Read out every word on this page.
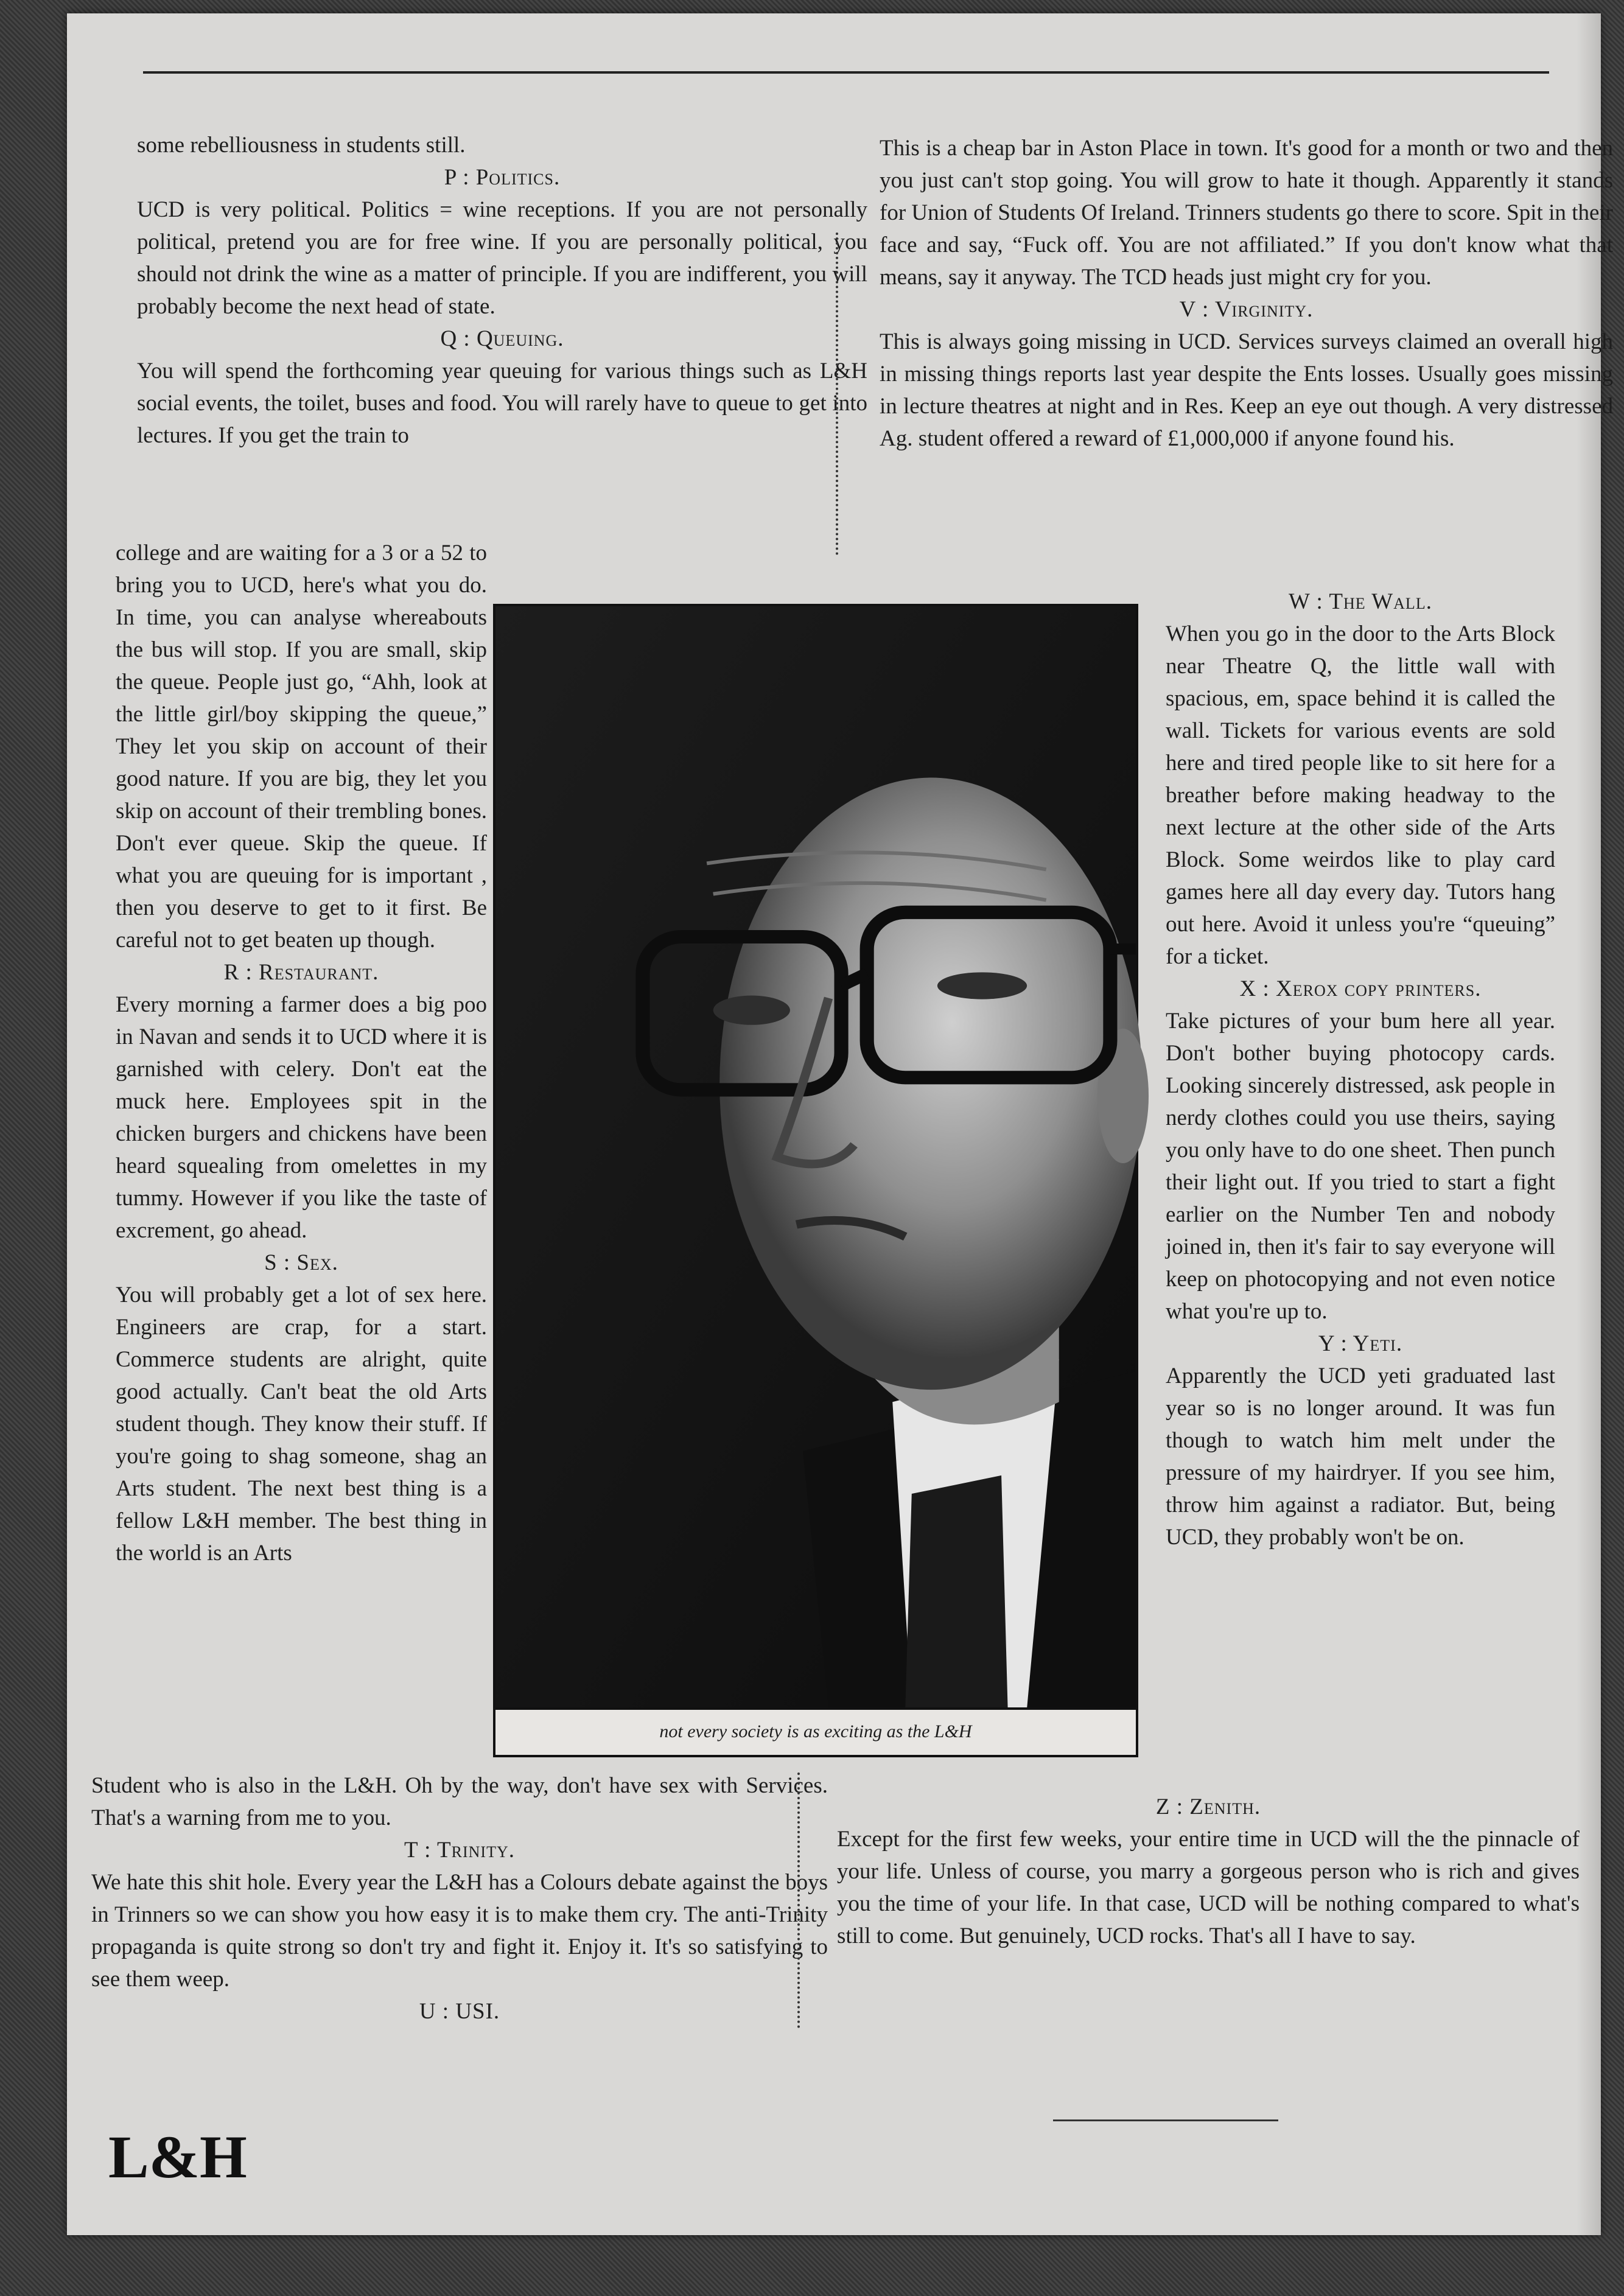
some rebelliousness in students still.

P : Politics.

UCD is very political. Politics = wine receptions. If you are not personally political, pretend you are for free wine. If you are personally political, you should not drink the wine as a matter of principle. If you are indifferent, you will probably become the next head of state.

Q : Queuing.

You will spend the forthcoming year queuing for various things such as L&H social events, the toilet, buses and food. You will rarely have to queue to get into lectures. If you get the train to

college and are waiting for a 3 or a 52 to bring you to UCD, here's what you do. In time, you can analyse whereabouts the bus will stop. If you are small, skip the queue. People just go, “Ahh, look at the little girl/boy skipping the queue,” They let you skip on account of their good nature. If you are big, they let you skip on account of their trembling bones. Don't ever queue. Skip the queue. If what you are queuing for is important , then you deserve to get to it first. Be careful not to get beaten up though.

R : Restaurant.

Every morning a farmer does a big poo in Navan and sends it to UCD where it is garnished with celery. Don't eat the muck here. Employees spit in the chicken burgers and chickens have been heard squealing from omelettes in my tummy. However if you like the taste of excrement, go ahead.

S : Sex.

You will probably get a lot of sex here. Engineers are crap, for a start. Commerce students are alright, quite good actually. Can't beat the old Arts student though. They know their stuff. If you're going to shag someone, shag an Arts student. The next best thing is a fellow L&H member. The best thing in the world is an Arts

Student who is also in the L&H. Oh by the way, don't have sex with Services. That's a warning from me to you.

T : Trinity.

We hate this shit hole. Every year the L&H has a Colours debate against the boys in Trinners so we can show you how easy it is to make them cry. The anti-Trinity propaganda is quite strong so don't try and fight it. Enjoy it. It's so satisfying to see them weep.

U : USI.

This is a cheap bar in Aston Place in town. It's good for a month or two and then you just can't stop going. You will grow to hate it though. Apparently it stands for Union of Students Of Ireland. Trinners students go there to score. Spit in their face and say, “Fuck off. You are not affiliated.” If you don't know what that means, say it anyway. The TCD heads just might cry for you.

V : Virginity.

This is always going missing in UCD. Services surveys claimed an overall high in missing things reports last year despite the Ents losses. Usually goes missing in lecture theatres at night and in Res. Keep an eye out though. A very distressed Ag. student offered a reward of £1,000,000 if anyone found his.

W : The Wall.

When you go in the door to the Arts Block near Theatre Q, the little wall with spacious, em, space behind it is called the wall. Tickets for various events are sold here and tired people like to sit here for a breather before making headway to the next lecture at the other side of the Arts Block. Some weirdos like to play card games here all day every day. Tutors hang out here. Avoid it unless you're “queuing” for a ticket.

X : Xerox copy printers.

Take pictures of your bum here all year. Don't bother buying photocopy cards. Looking sincerely distressed, ask people in nerdy clothes could you use theirs, saying you only have to do one sheet. Then punch their light out. If you tried to start a fight earlier on the Number Ten and nobody joined in, then it's fair to say everyone will keep on photocopying and not even notice what you're up to.

Y : Yeti.

Apparently the UCD yeti graduated last year so is no longer around. It was fun though to watch him melt under the pressure of my hairdryer. If you see him, throw him against a radiator. But, being UCD, they probably won't be on.

Z : Zenith.

Except for the first few weeks, your entire time in UCD will the the pinnacle of your life. Unless of course, you marry a gorgeous person who is rich and gives you the time of your life. In that case, UCD will be nothing compared to what's still to come. But genuinely, UCD rocks. That's all I have to say.

not every society is as exciting as the L&H
L&H
